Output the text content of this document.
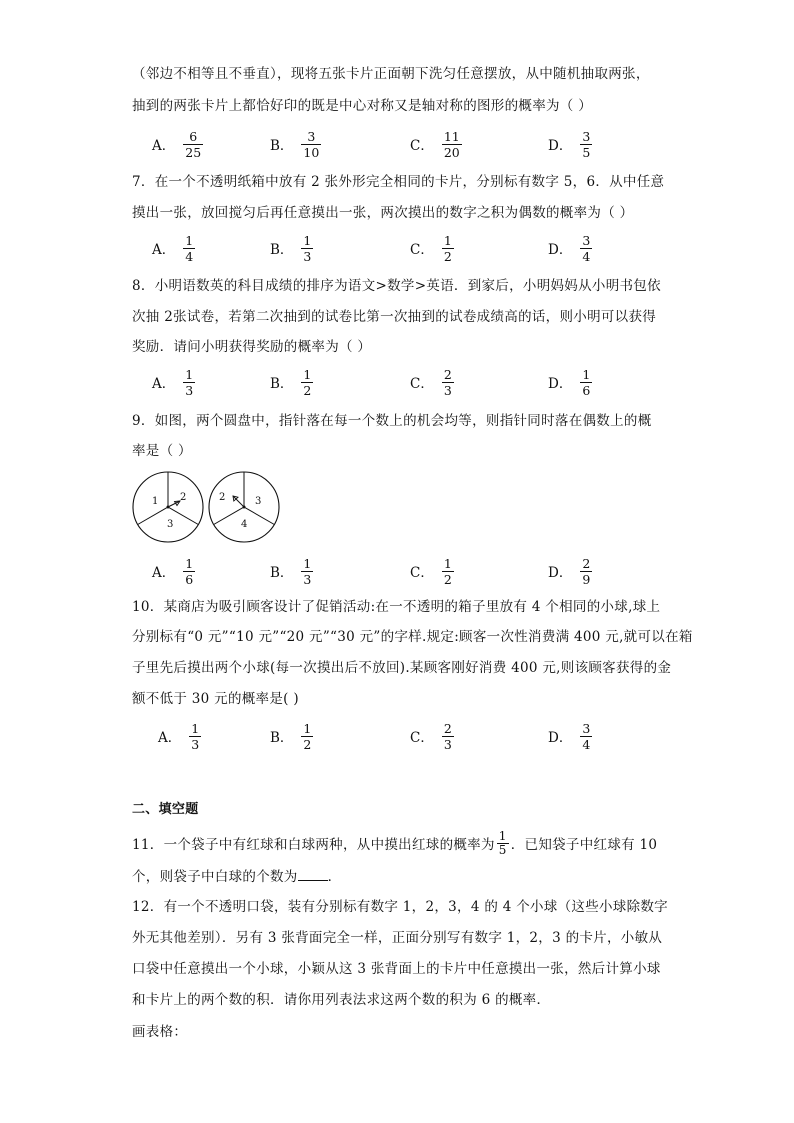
（邻边不相等且不垂直），现将五张卡片正面朝下洗匀任意摆放，从中随机抽取两张，
抽到的两张卡片上都恰好印的既是中心对称又是轴对称的图形的概率为（ ）
A． $\frac{6}{25}$	B． $\frac{3}{10}$	C． $\frac{11}{20}$	D． $\frac{3}{5}$
7．在一个不透明纸箱中放有 2 张外形完全相同的卡片，分别标有数字 5，6．从中任意
摸出一张，放回搅匀后再任意摸出一张，两次摸出的数字之积为偶数的概率为（ ）
A． $\frac{1}{4}$	B． $\frac{1}{3}$	C． $\frac{1}{2}$	D． $\frac{3}{4}$
8．小明语数英的科目成绩的排序为语文>数学>英语．到家后，小明妈妈从小明书包依
次抽 2张试卷，若第二次抽到的试卷比第一次抽到的试卷成绩高的话，则小明可以获得
奖励．请问小明获得奖励的概率为（ ）
A． $\frac{1}{3}$	B． $\frac{1}{2}$	C． $\frac{2}{3}$	D． $\frac{1}{6}$
9．如图，两个圆盘中，指针落在每一个数上的机会均等，则指针同时落在偶数上的概
率是（ ）
1 2
3
2	3
4
A． $\frac{1}{6}$	B． $\frac{1}{3}$	C． $\frac{1}{2}$	D． $\frac{2}{9}$
10．某商店为吸引顾客设计了促销活动:在一不透明的箱子里放有 4 个相同的小球,球上
分别标有“0 元”“10 元”“20 元”“30 元”的字样.规定:顾客一次性消费满 400 元,就可以在箱
子里先后摸出两个小球(每一次摸出后不放回).某顾客刚好消费 400 元,则该顾客获得的金
额不低于 30 元的概率是( )
A． $\frac{1}{3}$	B． $\frac{1}{2}$	C． $\frac{2}{3}$	D． $\frac{3}{4}$
二、填空题
11．一个袋子中有红球和白球两种，从中摸出红球的概率为 $\frac{1}{5}$ ．已知袋子中红球有 10
个，则袋子中白球的个数为 ．
12．有一个不透明口袋，装有分别标有数字 1，2，3，4 的 4 个小球（这些小球除数字
外无其他差别）．另有 3 张背面完全一样，正面分别写有数字 1，2，3 的卡片，小敏从
口袋中任意摸出一个小球，小颖从这 3 张背面上的卡片中任意摸出一张，然后计算小球
和卡片上的两个数的积．请你用列表法求这两个数的积为 6 的概率．
画表格：
